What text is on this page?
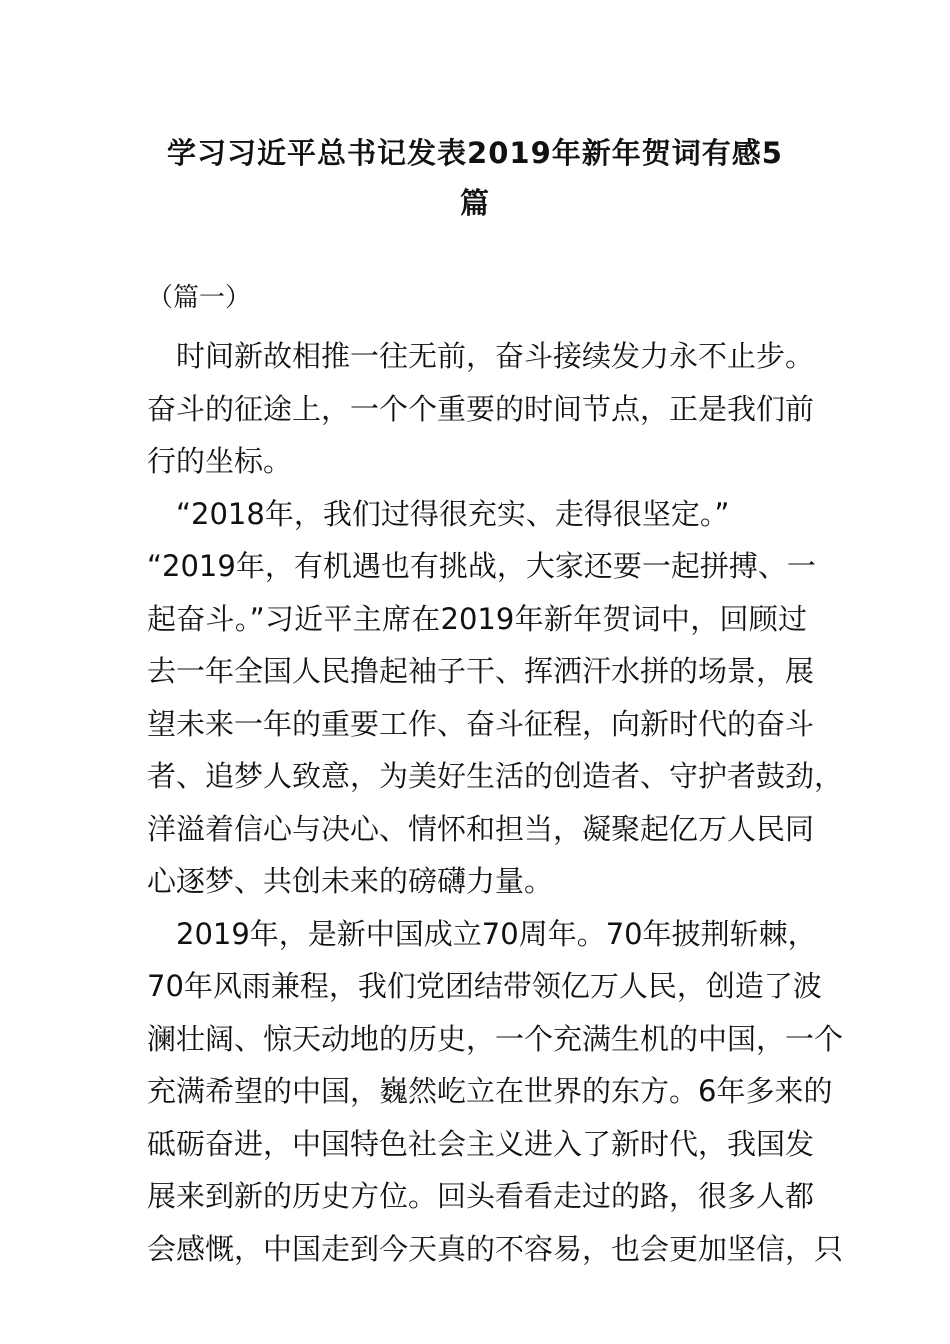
学习习近平总书记发表2019年新年贺词有感5
篇

（篇一）

　时间新故相推一往无前，奋斗接续发力永不止步。
奋斗的征途上，一个个重要的时间节点，正是我们前
行的坐标。

　“2018年，我们过得很充实、走得很坚定。”
“2019年，有机遇也有挑战，大家还要一起拼搏、一
起奋斗。”习近平主席在2019年新年贺词中，回顾过
去一年全国人民撸起袖子干、挥洒汗水拼的场景，展
望未来一年的重要工作、奋斗征程，向新时代的奋斗
者、追梦人致意，为美好生活的创造者、守护者鼓劲，
洋溢着信心与决心、情怀和担当，凝聚起亿万人民同
心逐梦、共创未来的磅礴力量。

　2019年，是新中国成立70周年。70年披荆斩棘，
70年风雨兼程，我们党团结带领亿万人民，创造了波
澜壮阔、惊天动地的历史，一个充满生机的中国，一个
充满希望的中国，巍然屹立在世界的东方。6年多来的
砥砺奋进，中国特色社会主义进入了新时代，我国发
展来到新的历史方位。回头看看走过的路，很多人都
会感慨，中国走到今天真的不容易，也会更加坚信，只
